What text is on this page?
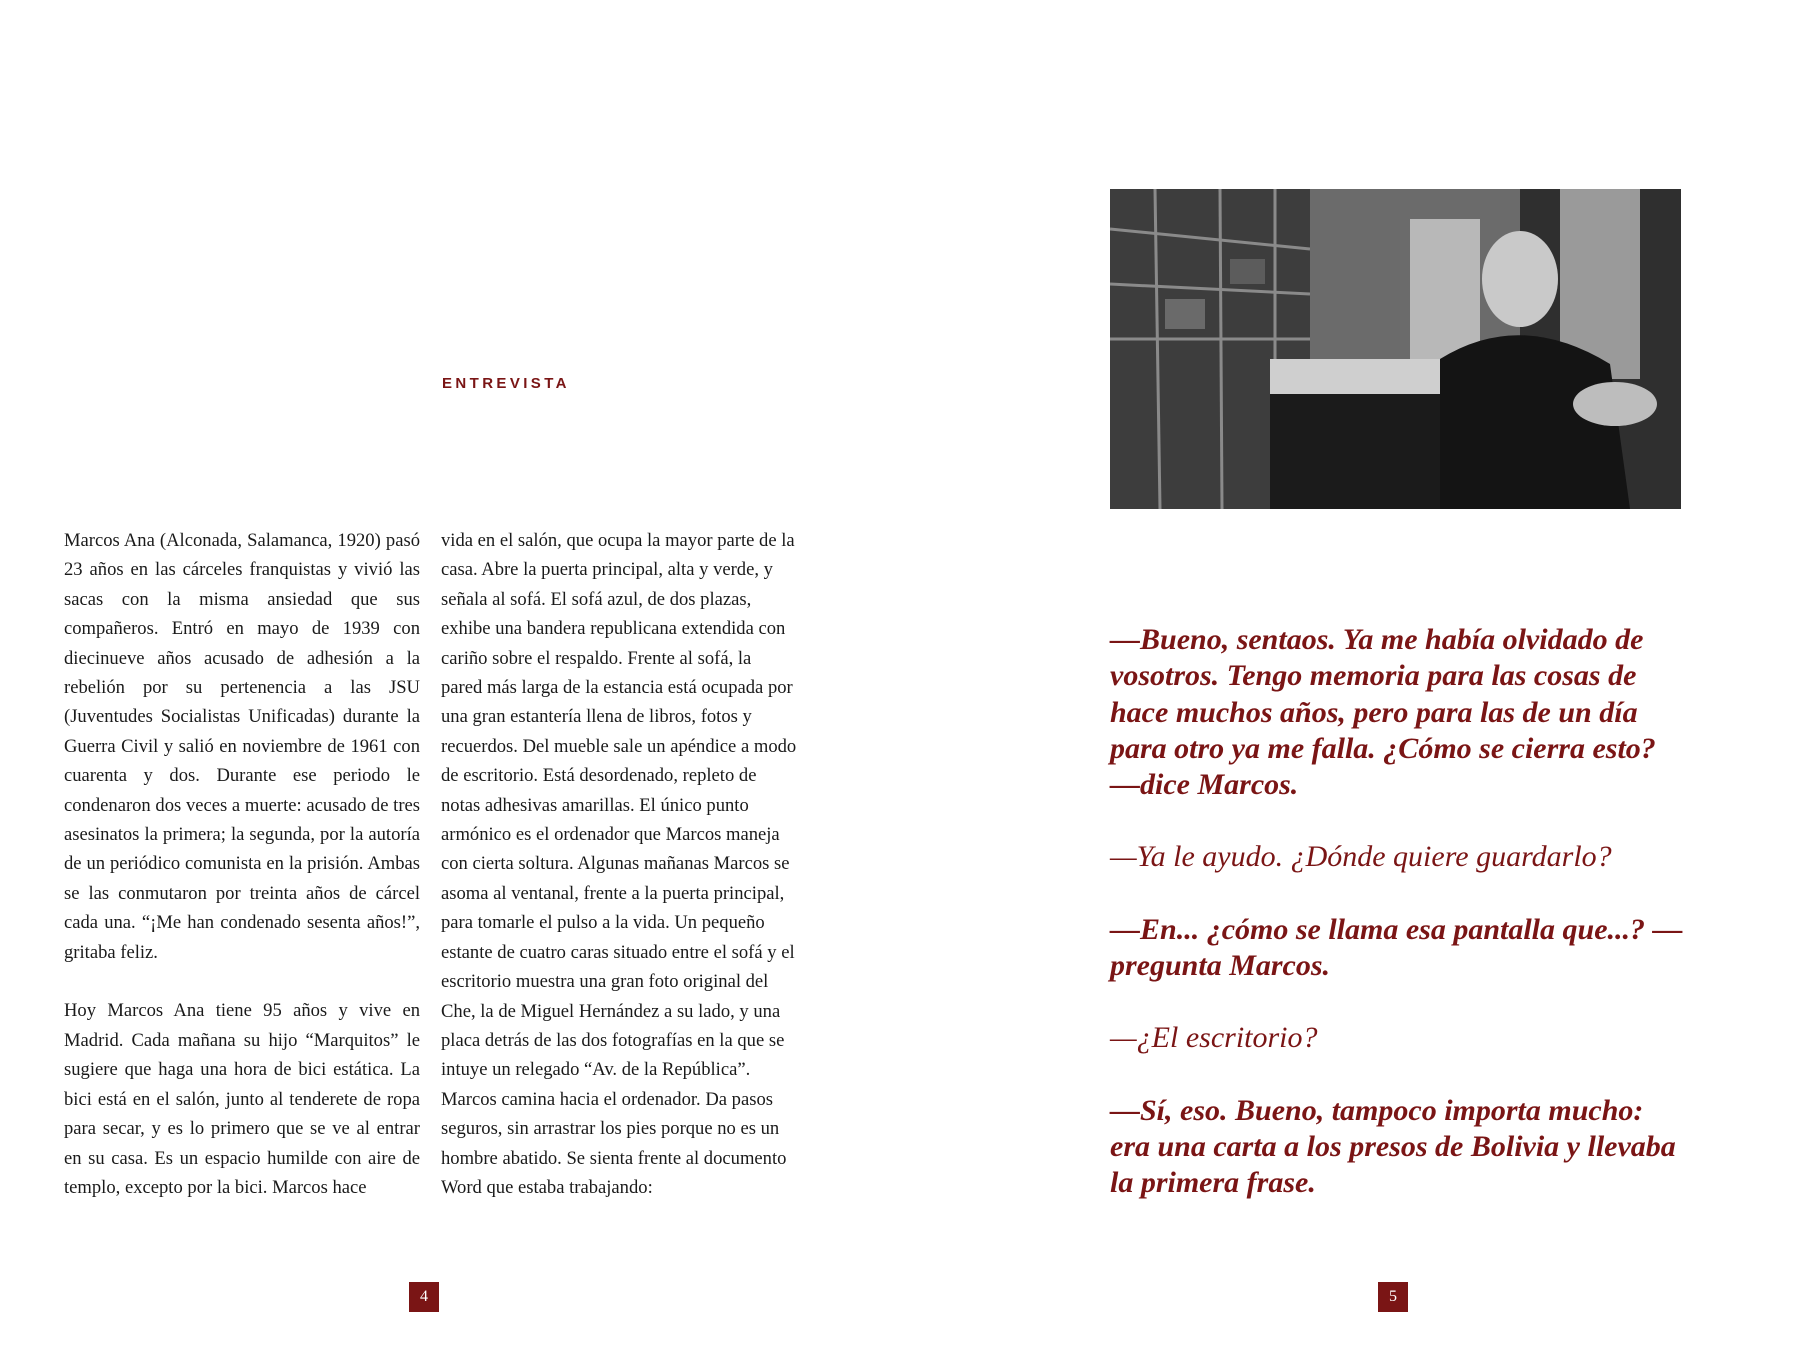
ENTREVISTA

Marcos Ana (Alconada, Salamanca, 1920) pasó 23 años en las cárceles franquistas y vivió las sacas con la misma ansiedad que sus compañeros. Entró en mayo de 1939 con diecinueve años acusado de adhesión a la rebelión por su pertenencia a las JSU (Juventudes Socialistas Unificadas) durante la Guerra Civil y salió en noviembre de 1961 con cuarenta y dos. Durante ese periodo le condenaron dos veces a muerte: acusado de tres asesinatos la primera; la segunda, por la autoría de un periódico comunista en la prisión. Ambas se las conmutaron por treinta años de cárcel cada una. “¡Me han condenado sesenta años!”, gritaba feliz.

Hoy Marcos Ana tiene 95 años y vive en Madrid. Cada mañana su hijo “Marquitos” le sugiere que haga una hora de bici estática. La bici está en el salón, junto al tenderete de ropa para secar, y es lo primero que se ve al entrar en su casa. Es un espacio humilde con aire de templo, excepto por la bici. Marcos hace

vida en el salón, que ocupa la mayor parte de la casa. Abre la puerta principal, alta y verde, y señala al sofá. El sofá azul, de dos plazas, exhibe una bandera republicana extendida con cariño sobre el respaldo. Frente al sofá, la pared más larga de la estancia está ocupada por una gran estantería llena de libros, fotos y recuerdos. Del mueble sale un apéndice a modo de escritorio. Está desordenado, repleto de notas adhesivas amarillas. El único punto armónico es el ordenador que Marcos maneja con cierta soltura. Algunas mañanas Marcos se asoma al ventanal, frente a la puerta principal, para tomarle el pulso a la vida. Un pequeño estante de cuatro caras situado entre el sofá y el escritorio muestra una gran foto original del Che, la de Miguel Hernández a su lado, y una placa detrás de las dos fotografías en la que se intuye un relegado “Av. de la República”.

Marcos camina hacia el ordenador. Da pasos seguros, sin arrastrar los pies porque no es un hombre abatido. Se sienta frente al documento Word que estaba trabajando:

4

—Bueno, sentaos. Ya me había olvidado de vosotros. Tengo memoria para las cosas de hace muchos años, pero para las de un día para otro ya me falla. ¿Cómo se cierra esto? —dice Marcos.

—Ya le ayudo. ¿Dónde quiere guardarlo?

—En... ¿cómo se llama esa pantalla que...? —pregunta Marcos.

—¿El escritorio?

—Sí, eso. Bueno, tampoco importa mucho: era una carta a los presos de Bolivia y llevaba la primera frase.

5
